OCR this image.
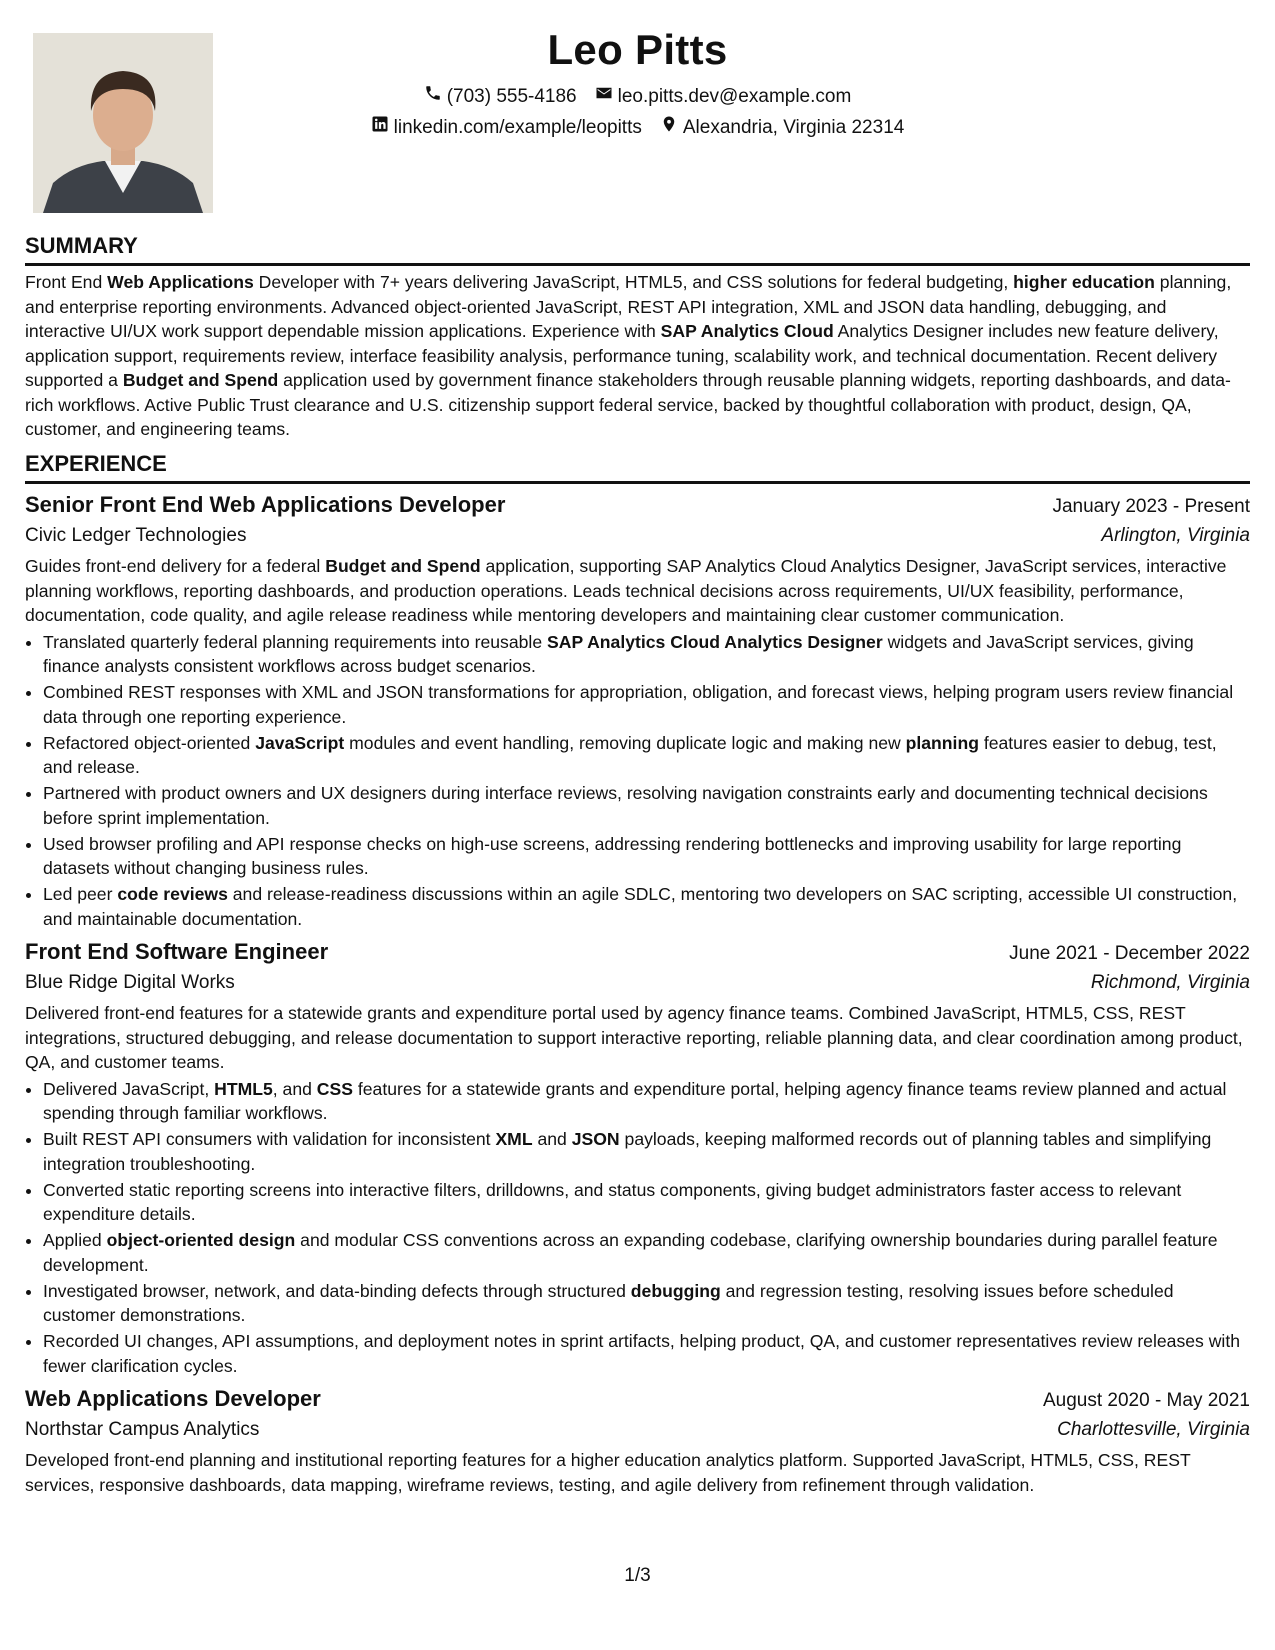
Leo Pitts
(703) 555-4186 leo.pitts.dev@example.com
linkedin.com/example/leopitts Alexandria, Virginia 22314
SUMMARY

Front End Web Applications Developer with 7+ years delivering JavaScript, HTML5, and CSS solutions for federal budgeting, higher education planning, and enterprise reporting environments. Advanced object-oriented JavaScript, REST API integration, XML and JSON data handling, debugging, and interactive UI/UX work support dependable mission applications. Experience with SAP Analytics Cloud Analytics Designer includes new feature delivery, application support, requirements review, interface feasibility analysis, performance tuning, scalability work, and technical documentation. Recent delivery supported a Budget and Spend application used by government finance stakeholders through reusable planning widgets, reporting dashboards, and data-rich workflows. Active Public Trust clearance and U.S. citizenship support federal service, backed by thoughtful collaboration with product, design, QA, customer, and engineering teams.

EXPERIENCE
Senior Front End Web Applications Developer	January 2023 - Present
Civic Ledger Technologies	Arlington, Virginia

Guides front-end delivery for a federal Budget and Spend application, supporting SAP Analytics Cloud Analytics Designer, JavaScript services, interactive planning workflows, reporting dashboards, and production operations. Leads technical decisions across requirements, UI/UX feasibility, performance, documentation, code quality, and agile release readiness while mentoring developers and maintaining clear customer communication.

• Translated quarterly federal planning requirements into reusable SAP Analytics Cloud Analytics Designer widgets and JavaScript services, giving finance analysts consistent workflows across budget scenarios.
• Combined REST responses with XML and JSON transformations for appropriation, obligation, and forecast views, helping program users review financial data through one reporting experience.
• Refactored object-oriented JavaScript modules and event handling, removing duplicate logic and making new planning features easier to debug, test, and release.
• Partnered with product owners and UX designers during interface reviews, resolving navigation constraints early and documenting technical decisions before sprint implementation.
• Used browser profiling and API response checks on high-use screens, addressing rendering bottlenecks and improving usability for large reporting datasets without changing business rules.
• Led peer code reviews and release-readiness discussions within an agile SDLC, mentoring two developers on SAC scripting, accessible UI construction, and maintainable documentation.
Front End Software Engineer	June 2021 - December 2022
Blue Ridge Digital Works	Richmond, Virginia

Delivered front-end features for a statewide grants and expenditure portal used by agency finance teams. Combined JavaScript, HTML5, CSS, REST integrations, structured debugging, and release documentation to support interactive reporting, reliable planning data, and clear coordination among product, QA, and customer teams.

• Delivered JavaScript, HTML5, and CSS features for a statewide grants and expenditure portal, helping agency finance teams review planned and actual spending through familiar workflows.
• Built REST API consumers with validation for inconsistent XML and JSON payloads, keeping malformed records out of planning tables and simplifying integration troubleshooting.
• Converted static reporting screens into interactive filters, drilldowns, and status components, giving budget administrators faster access to relevant expenditure details.
• Applied object-oriented design and modular CSS conventions across an expanding codebase, clarifying ownership boundaries during parallel feature development.
• Investigated browser, network, and data-binding defects through structured debugging and regression testing, resolving issues before scheduled customer demonstrations.
• Recorded UI changes, API assumptions, and deployment notes in sprint artifacts, helping product, QA, and customer representatives review releases with fewer clarification cycles.
Web Applications Developer	August 2020 - May 2021
Northstar Campus Analytics	Charlottesville, Virginia

Developed front-end planning and institutional reporting features for a higher education analytics platform. Supported JavaScript, HTML5, CSS, REST services, responsive dashboards, data mapping, wireframe reviews, testing, and agile delivery from refinement through validation.

1/3
